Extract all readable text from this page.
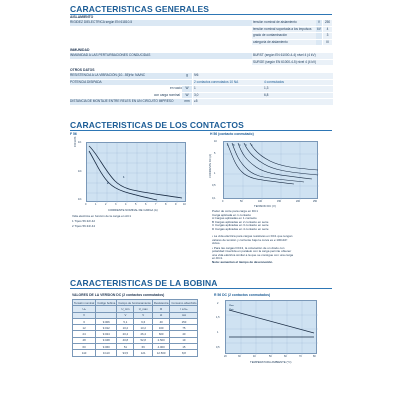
CARACTERISTICAS GENERALES
AISLAMIENTO
RIGIDEZ DIELECTRICA según EN 61810-5	tensión nominal de aislamiento	V	250
tensión nominal soportada a los impulsos	kV	4
grado de contaminación	3
categoría de aislamiento	III
INMUNIDAD
INMUNIDAD A LAS PERTURBACIONES CONDUCIDAS	BURST (según EN 61000-4-4) nivel 4 (4 kV)
SURGE (según EN 61000-4-5) nivel 4 (4 kV)
OTROS DATOS
RESISTENCIA A LA VIBRACIÓN (10...55)Hz: NA/NC	g	9/6
POTENCIA DISIPADA	2 contactos conmutados 10 NA	4 conmutados
en vacío	W	1	1,3
con carga nominal	W	3,0	6,8
DISTANCIA DE MONTAJE ENTRE RELES EN UN CIRCUITO IMPRESO	mm	≥5
CARACTERISTICAS DE LOS CONTACTOS
F 56	H 56 (contacto conmutado)
CICLOS 10⁷
10⁶
10⁵
2
1
0	1	2	3	4	5	6	7	8	9	10
CORRIENTE NOMINAL DE CARGA (A)
Vida eléctrica en función de la carga en AC1
1 Tipos 56.32/.42
2 Tipos 56.34/.44
CORRIENTE DC (A)
10
5
1
0,5
0,1
A B C D E
0	50	100	150	200	250
TENSION DC (V)
Poder de corte para carga en DC1
Carga aplicada en 1 contacto
A Cargas aplicadas en 1 contacto
B Cargas aplicadas en 2 contacto en serie
C Cargas aplicadas en 3 contacto en serie
D Cargas aplicadas en 4 contacto en serie
• La vida eléctrica para cargas resistivas en DC1 que tengan
valores de tensión y corriente bajo la curva es ≥ 100x10³
ciclos.
• Para las cargas DC13, la colocación de un diodo con
polaridad invertida en paralelo con la carga permite obtener
una vida eléctrica similar a la que se consigue con una carga
en DC1.
Nota: aumentan el tiempo de desconexión.
CARACTERISTICAS DE LA BOBINA
VALORES DE LA VERSION DC (2 contactos conmutados)
Tensión nominal	Código bobina	Campo de funcionamiento		Resistencia	Consumo absorbido
Uₙ		U_min	U_max	R	I a Uₙ
V		V	V	Ω	mA
6	9.006	5,1	6,6	40	150
12	9.012	10,2	13,2	160	75
24	9.024	20,4	26,4	600	40
48	9.048	40,8	52,8	2.500	19
60	9.060	51	66	4.000	15
110	9.110	93,5	121	12.500	8,8
R 56 DC (2 contactos conmutados)
2
1,5
1
0,5
Uₘₐₓ
Uₘᵢₙ
20	30	40	50	60	70	80
TEMPERATURA AMBIENTE (°C)
